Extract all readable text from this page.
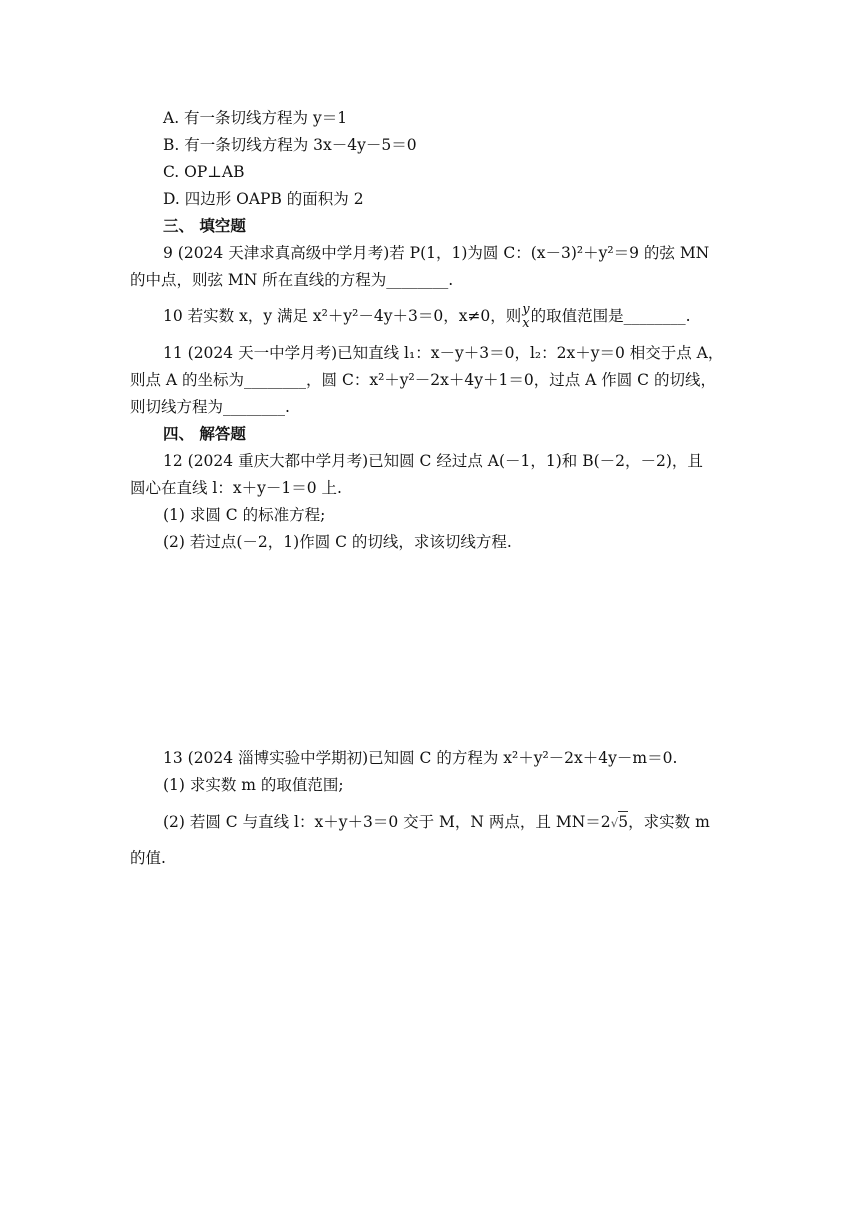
A. 有一条切线方程为 y＝1
B. 有一条切线方程为 3x－4y－5＝0
C. OP⊥AB
D. 四边形 OAPB 的面积为 2
三、 填空题
9 (2024 天津求真高级中学月考)若 P(1，1)为圆 C：(x－3)²＋y²＝9 的弦 MN
的中点，则弦 MN 所在直线的方程为________.
10 若实数 x，y 满足 x²＋y²－4y＋3＝0，x≠0，则 y
x 的取值范围是________.
11 (2024 天一中学月考)已知直线 l₁：x－y＋3＝0，l₂：2x＋y＝0 相交于点 A，
则点 A 的坐标为________，圆 C：x²＋y²－2x＋4y＋1＝0，过点 A 作圆 C 的切线，
则切线方程为________.
四、 解答题
12 (2024 重庆大都中学月考)已知圆 C 经过点 A(－1，1)和 B(－2，－2)，且
圆心在直线 l：x＋y－1＝0 上.
(1) 求圆 C 的标准方程;
(2) 若过点(－2，1)作圆 C 的切线，求该切线方程.
13 (2024 淄博实验中学期初)已知圆 C 的方程为 x²＋y²－2x＋4y－m＝0.
(1) 求实数 m 的取值范围;
(2) 若圆 C 与直线 l：x＋y＋3＝0 交于 M，N 两点，且 MN＝2√5，求实数 m
的值.
